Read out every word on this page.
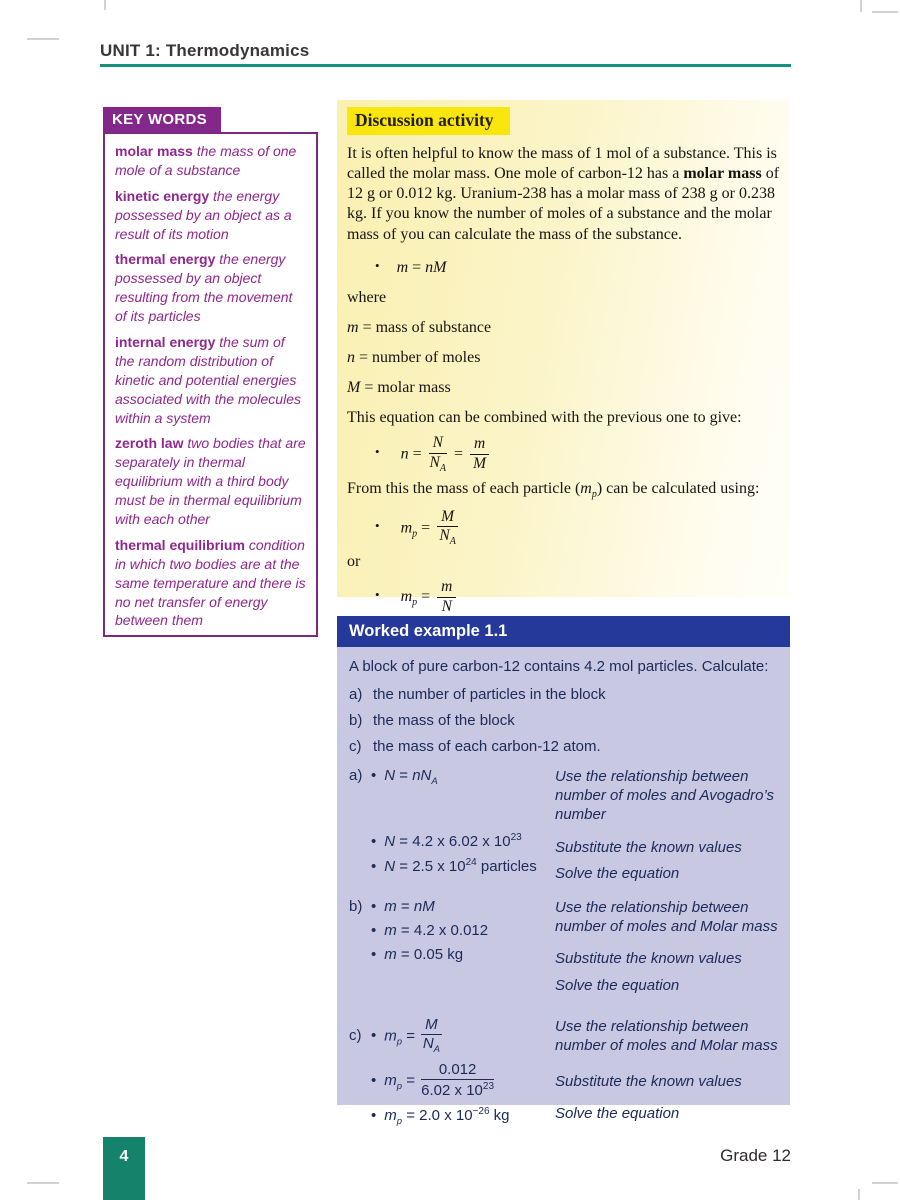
UNIT 1: Thermodynamics
KEY WORDS

molar mass the mass of one mole of a substance

kinetic energy the energy possessed by an object as a result of its motion

thermal energy the energy possessed by an object resulting from the movement of its particles

internal energy the sum of the random distribution of kinetic and potential energies associated with the molecules within a system

zeroth law two bodies that are separately in thermal equilibrium with a third body must be in thermal equilibrium with each other

thermal equilibrium condition in which two bodies are at the same temperature and there is no net transfer of energy between them

Discussion activity

It is often helpful to know the mass of 1 mol of a substance. This is called the molar mass. One mole of carbon-12 has a molar mass of 12 g or 0.012 kg. Uranium-238 has a molar mass of 238 g or 0.238 kg. If you know the number of moles of a substance and the molar mass of you can calculate the mass of the substance.

• m = nM

where

m = mass of substance

n = number of moles

M = molar mass

This equation can be combined with the previous one to give:

• $n = \frac{N}{N_A} = \frac{m}{M}$

From this the mass of each particle $(m_p)$ can be calculated using:

• $m_p = \frac{M}{N_A}$

or

• $m_p = \frac{m}{N}$
Worked example 1.1

A block of pure carbon-12 contains 4.2 mol particles. Calculate:

a) the number of particles in the block
b) the mass of the block
c) the mass of each carbon-12 atom.
a) • $N = nN_A$
• N = 4.2 x 6.02 x $10^{23}$
• N = 2.5 x $10^{24}$ particles

Use the relationship between number of moles and Avogadro’s number

Substitute the known values

Solve the equation

b) • m = nM
• m = 4.2 x 0.012
• m = 0.05 kg

Use the relationship between number of moles and Molar mass

Substitute the known values

Solve the equation

c) • $m_p = \frac{M}{N_A}$
• $m_p = \frac{0.012}{6.02 x 10^{23}}$
• $m_p = 2.0$ x $10^{-26}$ kg

Use the relationship between number of moles and Molar mass

Substitute the known values

Solve the equation

4	Grade 12
